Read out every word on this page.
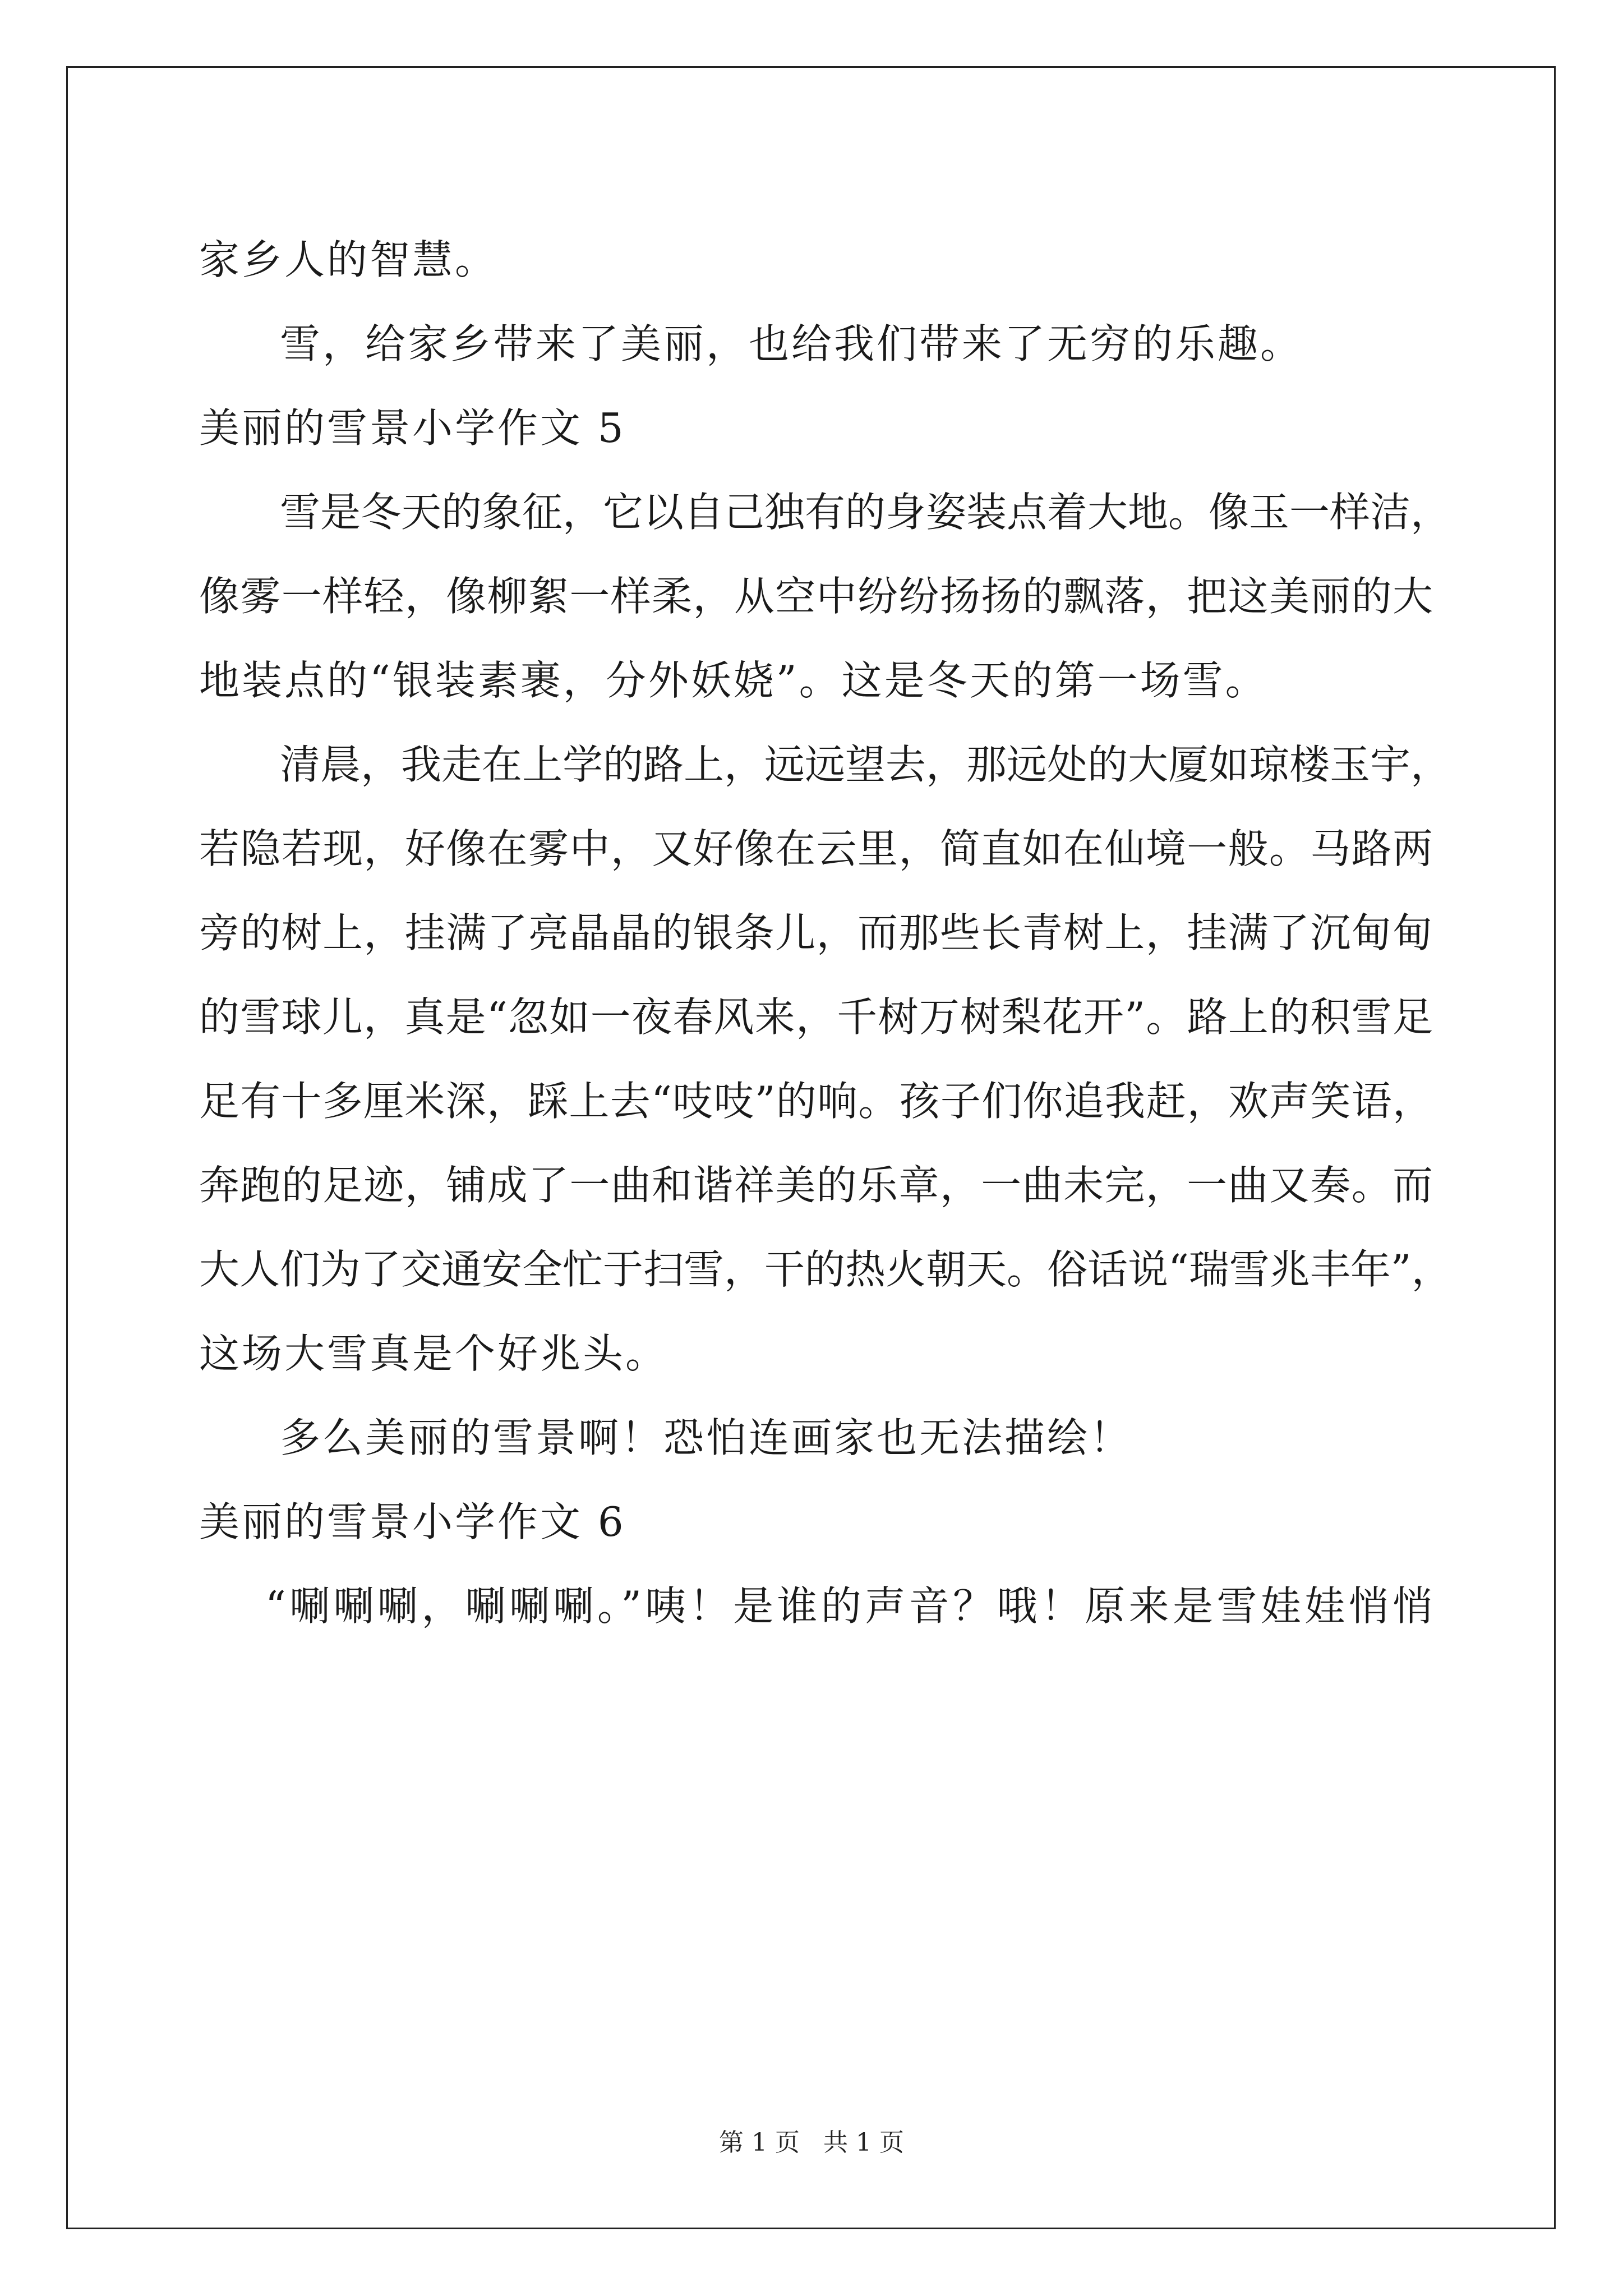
家乡人的智慧。
雪，给家乡带来了美丽，也给我们带来了无穷的乐趣。
美丽的雪景小学作文 5
雪是冬天的象征，它以自己独有的身姿装点着大地。像玉一样洁，
像雾一样轻，像柳絮一样柔，从空中纷纷扬扬的飘落，把这美丽的大
地装点的“银装素裹，分外妖娆”。这是冬天的第一场雪。
清晨，我走在上学的路上，远远望去，那远处的大厦如琼楼玉宇，
若隐若现，好像在雾中，又好像在云里，简直如在仙境一般。马路两
旁的树上，挂满了亮晶晶的银条儿，而那些长青树上，挂满了沉甸甸
的雪球儿，真是“忽如一夜春风来，千树万树梨花开”。路上的积雪足
足有十多厘米深，踩上去“吱吱”的响。孩子们你追我赶，欢声笑语，
奔跑的足迹，铺成了一曲和谐祥美的乐章，一曲未完，一曲又奏。而
大人们为了交通安全忙于扫雪，干的热火朝天。俗话说“瑞雪兆丰年”，
这场大雪真是个好兆头。
多么美丽的雪景啊！恐怕连画家也无法描绘！
美丽的雪景小学作文 6
“唰唰唰，唰唰唰。”咦！是谁的声音？哦！原来是雪娃娃悄悄
第 1 页   共 1 页
